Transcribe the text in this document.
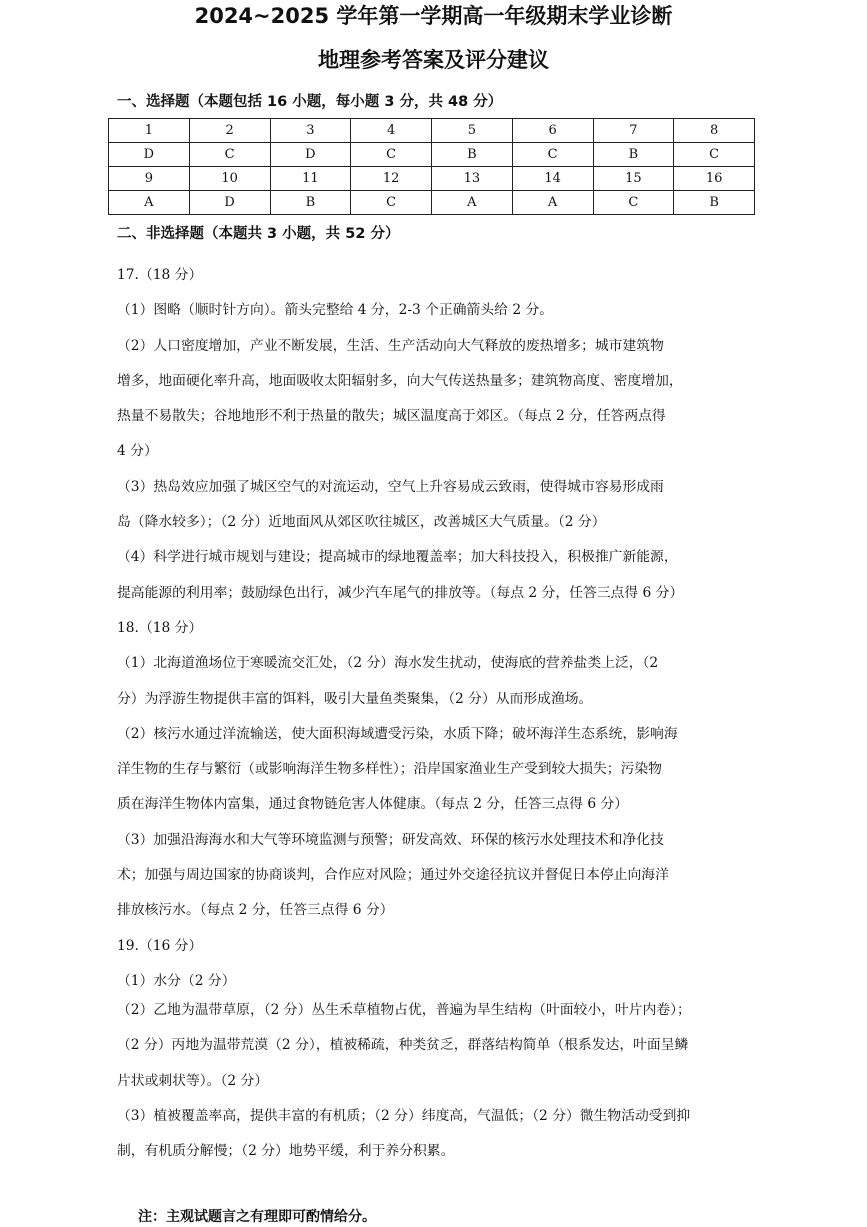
2024~2025 学年第一学期高一年级期末学业诊断
地理参考答案及评分建议
一、选择题（本题包括 16 小题，每小题 3 分，共 48 分）
1	2	3	4	5	6	7	8
D	C	D	C	B	C	B	C
9	10	11	12	13	14	15	16
A	D	B	C	A	A	C	B
二、非选择题（本题共 3 小题，共 52 分）

17.（18 分）

（1）图略（顺时针方向）。箭头完整给 4 分，2-3 个正确箭头给 2 分。

（2）人口密度增加，产业不断发展，生活、生产活动向大气释放的废热增多；城市建筑物

增多，地面硬化率升高，地面吸收太阳辐射多，向大气传送热量多；建筑物高度、密度增加，

热量不易散失；谷地地形不利于热量的散失；城区温度高于郊区。（每点 2 分，任答两点得

4 分）

（3）热岛效应加强了城区空气的对流运动，空气上升容易成云致雨，使得城市容易形成雨

岛（降水较多）；（2 分）近地面风从郊区吹往城区，改善城区大气质量。（2 分）

（4）科学进行城市规划与建设；提高城市的绿地覆盖率；加大科技投入，积极推广新能源，

提高能源的利用率；鼓励绿色出行，减少汽车尾气的排放等。（每点 2 分，任答三点得 6 分）

18.（18 分）

（1）北海道渔场位于寒暖流交汇处，（2 分）海水发生扰动，使海底的营养盐类上泛，（2

分）为浮游生物提供丰富的饵料，吸引大量鱼类聚集，（2 分）从而形成渔场。

（2）核污水通过洋流输送，使大面积海域遭受污染，水质下降；破坏海洋生态系统，影响海

洋生物的生存与繁衍（或影响海洋生物多样性）；沿岸国家渔业生产受到较大损失；污染物

质在海洋生物体内富集，通过食物链危害人体健康。（每点 2 分，任答三点得 6 分）

（3）加强沿海海水和大气等环境监测与预警；研发高效、环保的核污水处理技术和净化技

术；加强与周边国家的协商谈判，合作应对风险；通过外交途径抗议并督促日本停止向海洋

排放核污水。（每点 2 分，任答三点得 6 分）

19.（16 分）

（1）水分（2 分）

（2）乙地为温带草原，（2 分）丛生禾草植物占优，普遍为旱生结构（叶面较小，叶片内卷）；

（2 分）丙地为温带荒漠（2 分），植被稀疏，种类贫乏，群落结构简单（根系发达，叶面呈鳞

片状或刺状等）。（2 分）

（3）植被覆盖率高，提供丰富的有机质；（2 分）纬度高，气温低；（2 分）微生物活动受到抑

制，有机质分解慢；（2 分）地势平缓，利于养分积累。

注：主观试题言之有理即可酌情给分。
